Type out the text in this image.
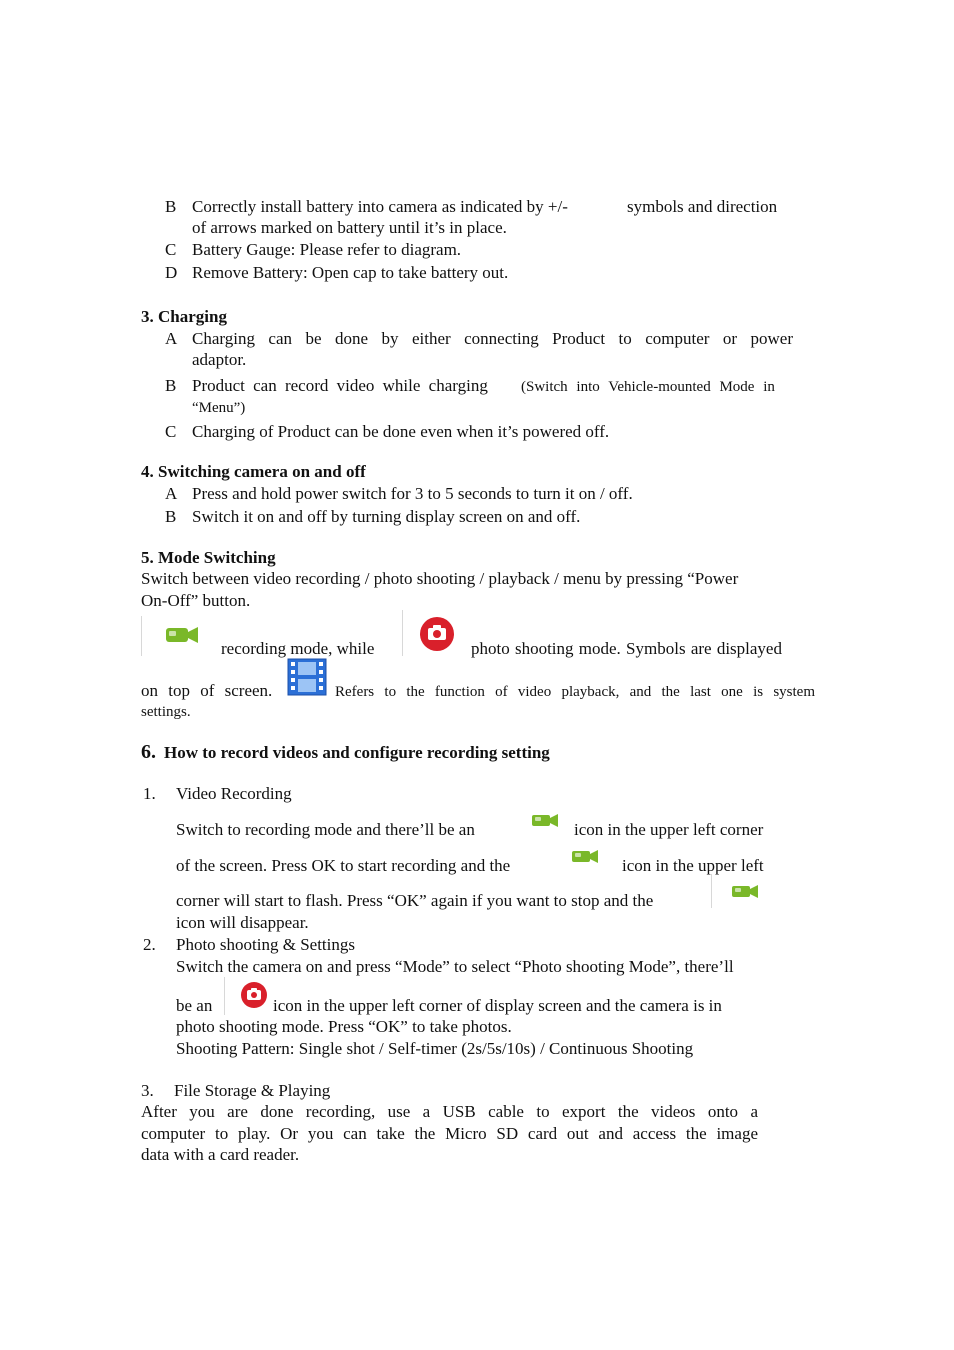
B Correctly install battery into camera as indicated by +/-	symbols and direction
of arrows marked on battery until it’s in place.
C Battery Gauge: Please refer to diagram.
D Remove Battery: Open cap to take battery out.
3. Charging
A Charging can be done by either connecting Product to computer or power
adaptor.
B Product can record video while charging (Switch into Vehicle-mounted Mode in
“Menu”)
C Charging of Product can be done even when it’s powered off.
4. Switching camera on and off
A Press and hold power switch for 3 to 5 seconds to turn it on / off.
B Switch it on and off by turning display screen on and off.
5. Mode Switching
Switch between video recording / photo shooting / playback / menu by pressing “Power
On-Off” button.
recording mode, while	photo shooting mode. Symbols are displayed
on top of screen.	Refers to the function of video playback, and the last one is system
settings.
6. How to record videos and configure recording setting
1. Video Recording
Switch to recording mode and there’ll be an	icon in the upper left corner
of the screen. Press OK to start recording and the	icon in the upper left
corner will start to flash. Press “OK” again if you want to stop and the
icon will disappear.
2. Photo shooting & Settings
Switch the camera on and press “Mode” to select “Photo shooting Mode”, there’ll
be an	icon in the upper left corner of display screen and the camera is in
photo shooting mode. Press “OK” to take photos.
Shooting Pattern: Single shot / Self-timer (2s/5s/10s) / Continuous Shooting
3. File Storage & Playing
After you are done recording, use a USB cable to export the videos onto a
computer to play. Or you can take the Micro SD card out and access the image
data with a card reader.
